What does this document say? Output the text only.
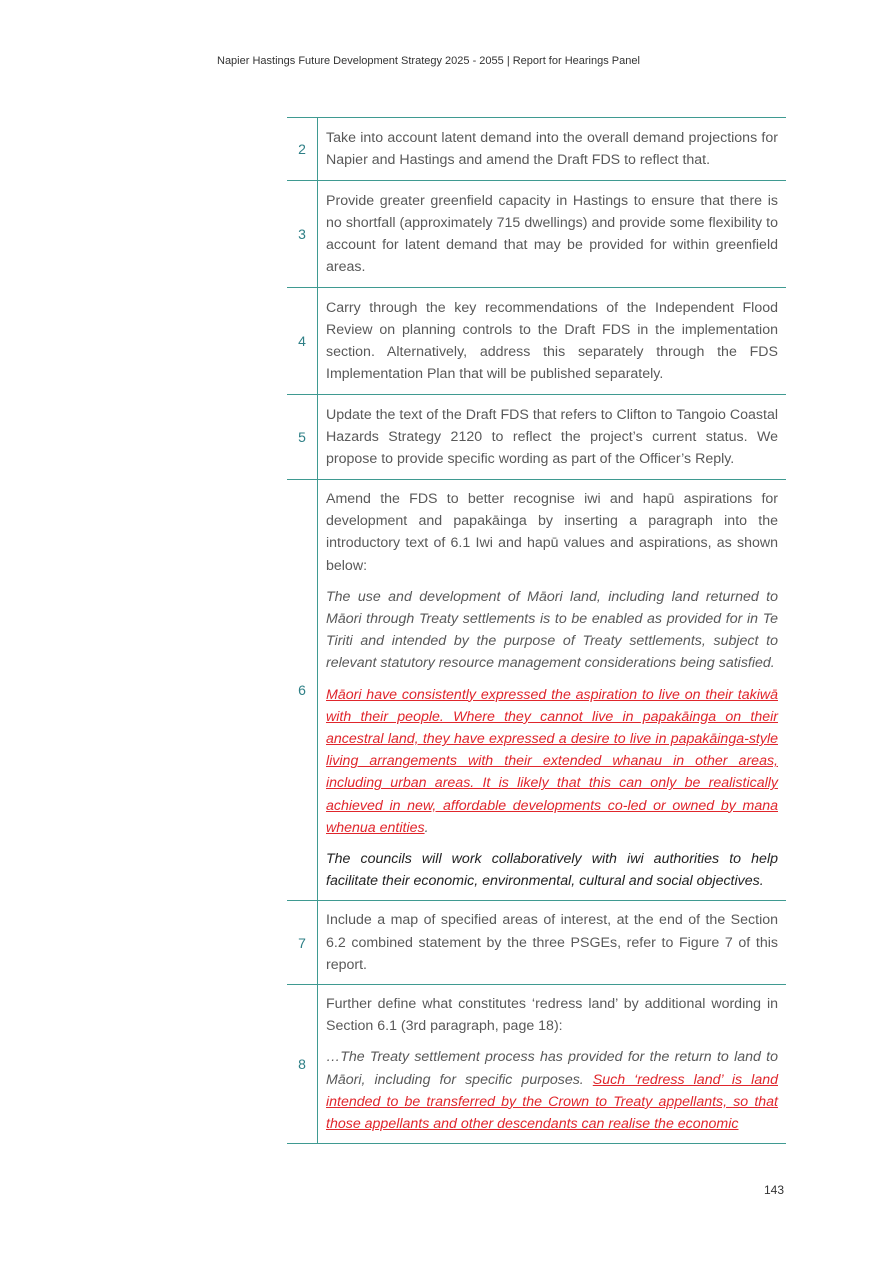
Napier Hastings Future Development Strategy 2025 - 2055 | Report for Hearings Panel
2	Take into account latent demand into the overall demand projections for Napier and Hastings and amend the Draft FDS to reflect that.

3	Provide greater greenfield capacity in Hastings to ensure that there is no shortfall (approximately 715 dwellings) and provide some flexibility to account for latent demand that may be provided for within greenfield areas.

4	Carry through the key recommendations of the Independent Flood Review on planning controls to the Draft FDS in the implementation section. Alternatively, address this separately through the FDS Implementation Plan that will be published separately.

5	Update the text of the Draft FDS that refers to Clifton to Tangoio Coastal Hazards Strategy 2120 to reflect the project’s current status. We propose to provide specific wording as part of the Officer’s Reply.

6	Amend the FDS to better recognise iwi and hapū aspirations for development and papakāinga by inserting a paragraph into the introductory text of 6.1 Iwi and hapū values and aspirations, as shown below:

The use and development of Māori land, including land returned to Māori through Treaty settlements is to be enabled as provided for in Te Tiriti and intended by the purpose of Treaty settlements, subject to relevant statutory resource management considerations being satisfied.

Māori have consistently expressed the aspiration to live on their takiwā with their people. Where they cannot live in papakāinga on their ancestral land, they have expressed a desire to live in papakāinga-style living arrangements with their extended whanau in other areas, including urban areas. It is likely that this can only be realistically achieved in new, affordable developments co-led or owned by mana whenua entities.

The councils will work collaboratively with iwi authorities to help facilitate their economic, environmental, cultural and social objectives.

7	Include a map of specified areas of interest, at the end of the Section 6.2 combined statement by the three PSGEs, refer to Figure 7 of this report.

8	Further define what constitutes ‘redress land’ by additional wording in Section 6.1 (3rd paragraph, page 18):

…The Treaty settlement process has provided for the return to land to Māori, including for specific purposes. Such ‘redress land’ is land intended to be transferred by the Crown to Treaty appellants, so that those appellants and other descendants can realise the economic

143
